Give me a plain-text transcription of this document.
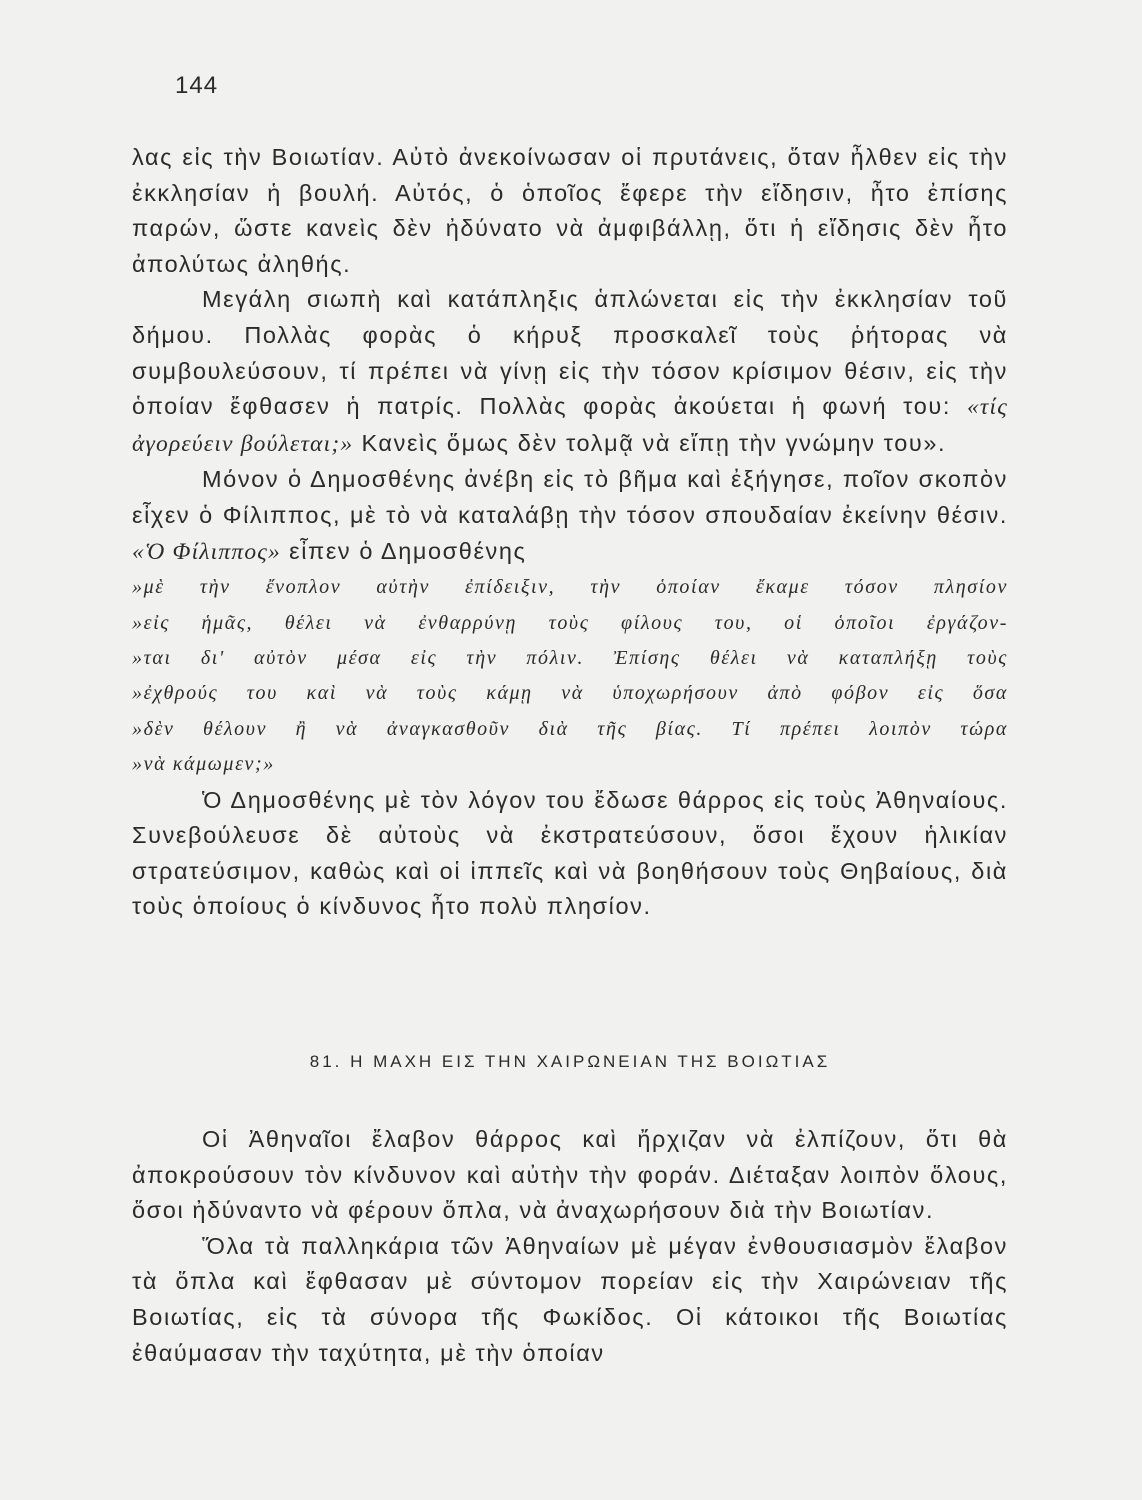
144

λας εἰς τὴν Βοιωτίαν. Αὐτὸ ἀνεκοίνωσαν οἱ πρυτάνεις, ὅταν ἦλθεν εἰς τὴν ἐκκλησίαν ἡ βουλή. Αὐτός, ὁ ὁποῖος ἔφερε τὴν εἴδησιν, ἦτο ἐπίσης παρών, ὥστε κανεὶς δὲν ἠδύνατο νὰ ἀμφιβάλλῃ, ὅτι ἡ εἴδησις δὲν ἦτο ἀπολύτως ἀληθής.

Μεγάλη σιωπὴ καὶ κατάπληξις ἁπλώνεται εἰς τὴν ἐκκλησίαν τοῦ δήμου. Πολλὰς φορὰς ὁ κήρυξ προσκαλεῖ τοὺς ῥήτορας νὰ συμβουλεύσουν, τί πρέπει νὰ γίνῃ εἰς τὴν τόσον κρίσιμον θέσιν, εἰς τὴν ὁποίαν ἔφθασεν ἡ πατρίς. Πολλὰς φορὰς ἀκούεται ἡ φωνή του: «τίς ἀγορεύειν βούλεται;» Κανεὶς ὅμως δὲν τολμᾷ νὰ εἴπῃ τὴν γνώμην του».

Μόνον ὁ Δημοσθένης ἀνέβη εἰς τὸ βῆμα καὶ ἐξήγησε, ποῖον σκοπὸν εἶχεν ὁ Φίλιππος, μὲ τὸ νὰ καταλάβῃ τὴν τόσον σπουδαίαν ἐκείνην θέσιν. «Ὁ Φίλιππος» εἶπεν ὁ Δημοσθένης

»μὲ τὴν ἔνοπλον αὐτὴν ἐπίδειξιν, τὴν ὁποίαν ἔκαμε τόσον πλησίον
»εἰς ἡμᾶς, θέλει νὰ ἐνθαρρύνῃ τοὺς φίλους του, οἱ ὁποῖοι ἐργάζον-
»ται δι' αὐτὸν μέσα εἰς τὴν πόλιν. Ἐπίσης θέλει νὰ καταπλήξῃ τοὺς
»ἐχθρούς του καὶ νὰ τοὺς κάμῃ νὰ ὑποχωρήσουν ἀπὸ φόβον εἰς ὅσα
»δὲν θέλουν ἢ νὰ ἀναγκασθοῦν διὰ τῆς βίας. Τί πρέπει λοιπὸν τώρα
»νὰ κάμωμεν;»

Ὁ Δημοσθένης μὲ τὸν λόγον του ἔδωσε θάρρος εἰς τοὺς Ἀθηναίους. Συνεβούλευσε δὲ αὐτοὺς νὰ ἐκστρατεύσουν, ὅσοι ἔχουν ἡλικίαν στρατεύσιμον, καθὼς καὶ οἱ ἱππεῖς καὶ νὰ βοηθήσουν τοὺς Θηβαίους, διὰ τοὺς ὁποίους ὁ κίνδυνος ἦτο πολὺ πλησίον.

81. Η ΜΑΧΗ ΕΙΣ ΤΗΝ ΧΑΙΡΩΝΕΙΑΝ ΤΗΣ ΒΟΙΩΤΙΑΣ

Οἱ Ἀθηναῖοι ἔλαβον θάρρος καὶ ἤρχιζαν νὰ ἐλπίζουν, ὅτι θὰ ἀποκρούσουν τὸν κίνδυνον καὶ αὐτὴν τὴν φοράν. Διέταξαν λοιπὸν ὅλους, ὅσοι ἠδύναντο νὰ φέρουν ὅπλα, νὰ ἀναχωρήσουν διὰ τὴν Βοιωτίαν.

Ὅλα τὰ παλληκάρια τῶν Ἀθηναίων μὲ μέγαν ἐνθουσιασμὸν ἔλαβον τὰ ὅπλα καὶ ἔφθασαν μὲ σύντομον πορείαν εἰς τὴν Χαιρώνειαν τῆς Βοιωτίας, εἰς τὰ σύνορα τῆς Φωκίδος. Οἱ κάτοικοι τῆς Βοιωτίας ἐθαύμασαν τὴν ταχύτητα, μὲ τὴν ὁποίαν
